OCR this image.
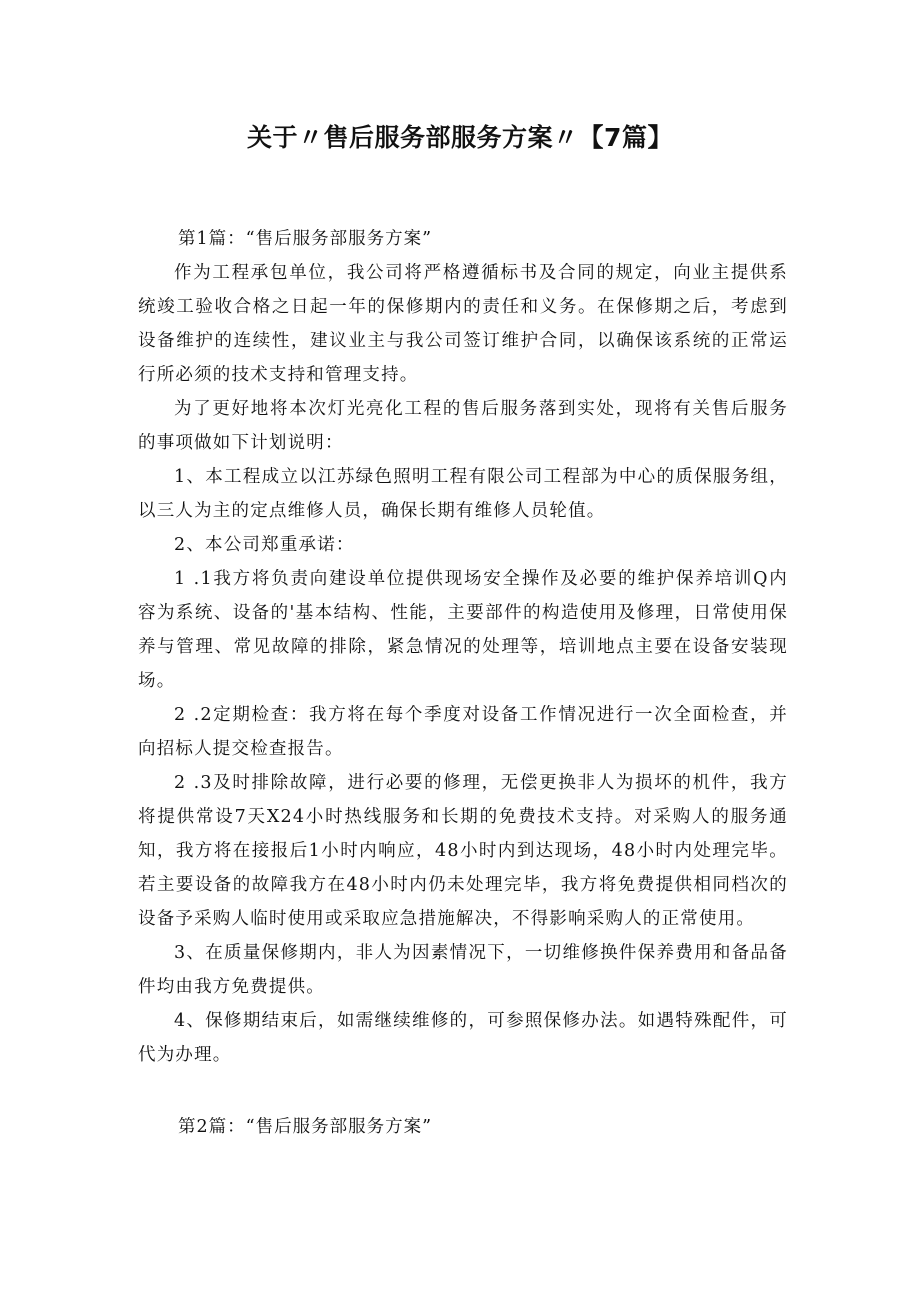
关于〃售后服务部服务方案〃【7篇】

第1篇：“售后服务部服务方案”

作为工程承包单位，我公司将严格遵循标书及合同的规定，向业主提供系统竣工验收合格之日起一年的保修期内的责任和义务。在保修期之后，考虑到设备维护的连续性，建议业主与我公司签订维护合同，以确保该系统的正常运行所必须的技术支持和管理支持。

为了更好地将本次灯光亮化工程的售后服务落到实处，现将有关售后服务的事项做如下计划说明：

1、本工程成立以江苏绿色照明工程有限公司工程部为中心的质保服务组，以三人为主的定点维修人员，确保长期有维修人员轮值。

2、本公司郑重承诺：

1 .1我方将负责向建设单位提供现场安全操作及必要的维护保养培训Q内容为系统、设备的'基本结构、性能，主要部件的构造使用及修理，日常使用保养与管理、常见故障的排除，紧急情况的处理等，培训地点主要在设备安装现场。

2 .2定期检查：我方将在每个季度对设备工作情况进行一次全面检查，并向招标人提交检查报告。

2 .3及时排除故障，进行必要的修理，无偿更换非人为损坏的机件，我方将提供常设7天X24小时热线服务和长期的免费技术支持。对采购人的服务通知，我方将在接报后1小时内响应，48小时内到达现场，48小时内处理完毕。若主要设备的故障我方在48小时内仍未处理完毕，我方将免费提供相同档次的设备予采购人临时使用或采取应急措施解决，不得影响采购人的正常使用。

3、在质量保修期内，非人为因素情况下，一切维修换件保养费用和备品备件均由我方免费提供。

4、保修期结束后，如需继续维修的，可参照保修办法。如遇特殊配件，可代为办理。

第2篇：“售后服务部服务方案”
